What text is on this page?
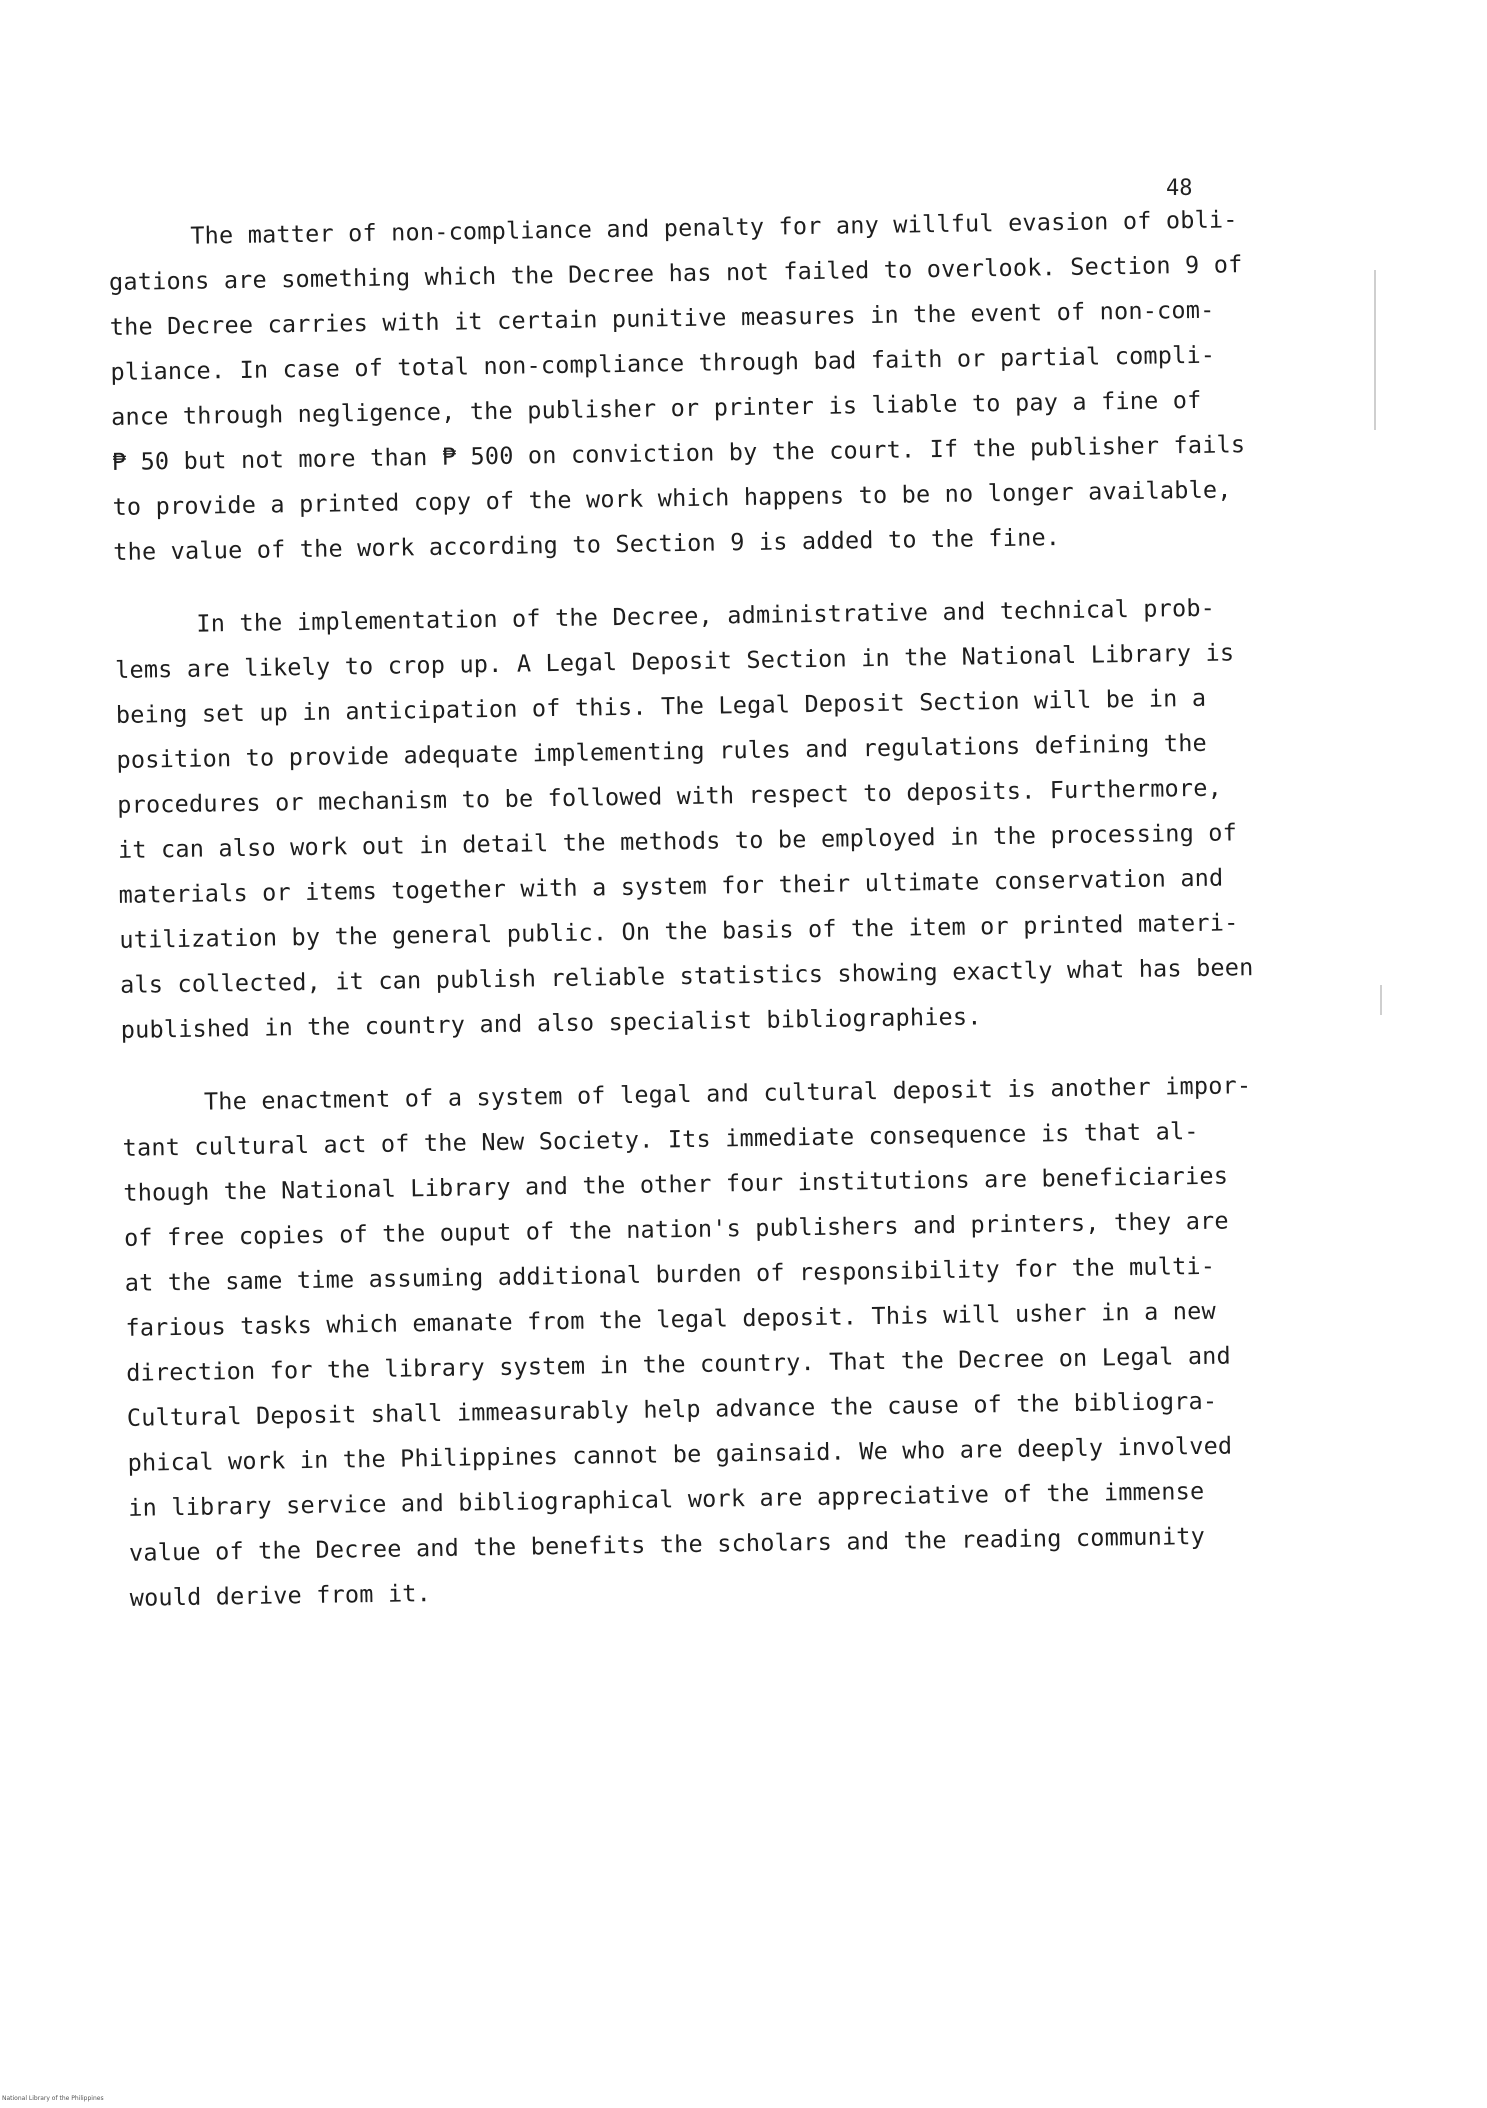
48
The matter of non-compliance and penalty for any willful evasion of obli-
gations are something which the Decree has not failed to overlook. Section 9 of
the Decree carries with it certain punitive measures in the event of non-com-
pliance. In case of total non-compliance through bad faith or partial compli-
ance through negligence, the publisher or printer is liable to pay a fine of
₱ 50 but not more than ₱ 500 on conviction by the court. If the publisher fails
to provide a printed copy of the work which happens to be no longer available,
the value of the work according to Section 9 is added to the fine.
In the implementation of the Decree, administrative and technical prob-
lems are likely to crop up. A Legal Deposit Section in the National Library is
being set up in anticipation of this. The Legal Deposit Section will be in a
position to provide adequate implementing rules and regulations defining the
procedures or mechanism to be followed with respect to deposits. Furthermore,
it can also work out in detail the methods to be employed in the processing of
materials or items together with a system for their ultimate conservation and
utilization by the general public. On the basis of the item or printed materi-
als collected, it can publish reliable statistics showing exactly what has been
published in the country and also specialist bibliographies.
The enactment of a system of legal and cultural deposit is another impor-
tant cultural act of the New Society. Its immediate consequence is that al-
though the National Library and the other four institutions are beneficiaries
of free copies of the ouput of the nation's publishers and printers, they are
at the same time assuming additional burden of responsibility for the multi-
farious tasks which emanate from the legal deposit. This will usher in a new
direction for the library system in the country. That the Decree on Legal and
Cultural Deposit shall immeasurably help advance the cause of the bibliogra-
phical work in the Philippines cannot be gainsaid. We who are deeply involved
in library service and bibliographical work are appreciative of the immense
value of the Decree and the benefits the scholars and the reading community
would derive from it.
National Library of the Philippines
